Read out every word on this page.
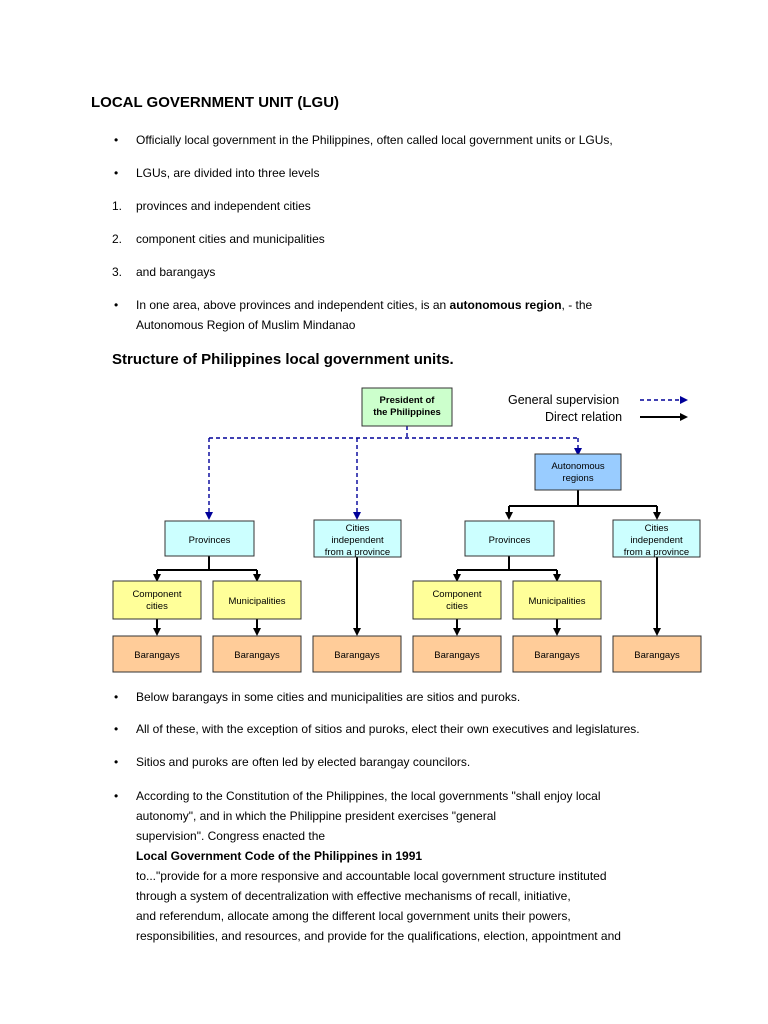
LOCAL GOVERNMENT UNIT (LGU)
• Officially local government in the Philippines, often called local government units or LGUs,
• LGUs, are divided into three levels
1. provinces and independent cities
2. component cities and municipalities
3. and barangays
• In one area, above provinces and independent cities, is an autonomous region, - the
Autonomous Region of Muslim Mindanao
Structure of Philippines local government units.
General supervision
Direct relation
President of
the Philippines
Autonomous
regions
Provinces
Cities
independent
from a province
Provinces
Cities
independent
from a province
Component
cities	Municipalities
Component
cities	Municipalities
Barangays	Barangays	Barangays	Barangays	Barangays	Barangays
• Below barangays in some cities and municipalities are sitios and puroks.
• All of these, with the exception of sitios and puroks, elect their own executives and legislatures.
• Sitios and puroks are often led by elected barangay councilors.
• According to the Constitution of the Philippines, the local governments "shall enjoy local
autonomy", and in which the Philippine president exercises "general
supervision". Congress enacted the
Local Government Code of the Philippines in 1991
to..."provide for a more responsive and accountable local government structure instituted
through a system of decentralization with effective mechanisms of recall, initiative,
and referendum, allocate among the different local government units their powers,
responsibilities, and resources, and provide for the qualifications, election, appointment and
